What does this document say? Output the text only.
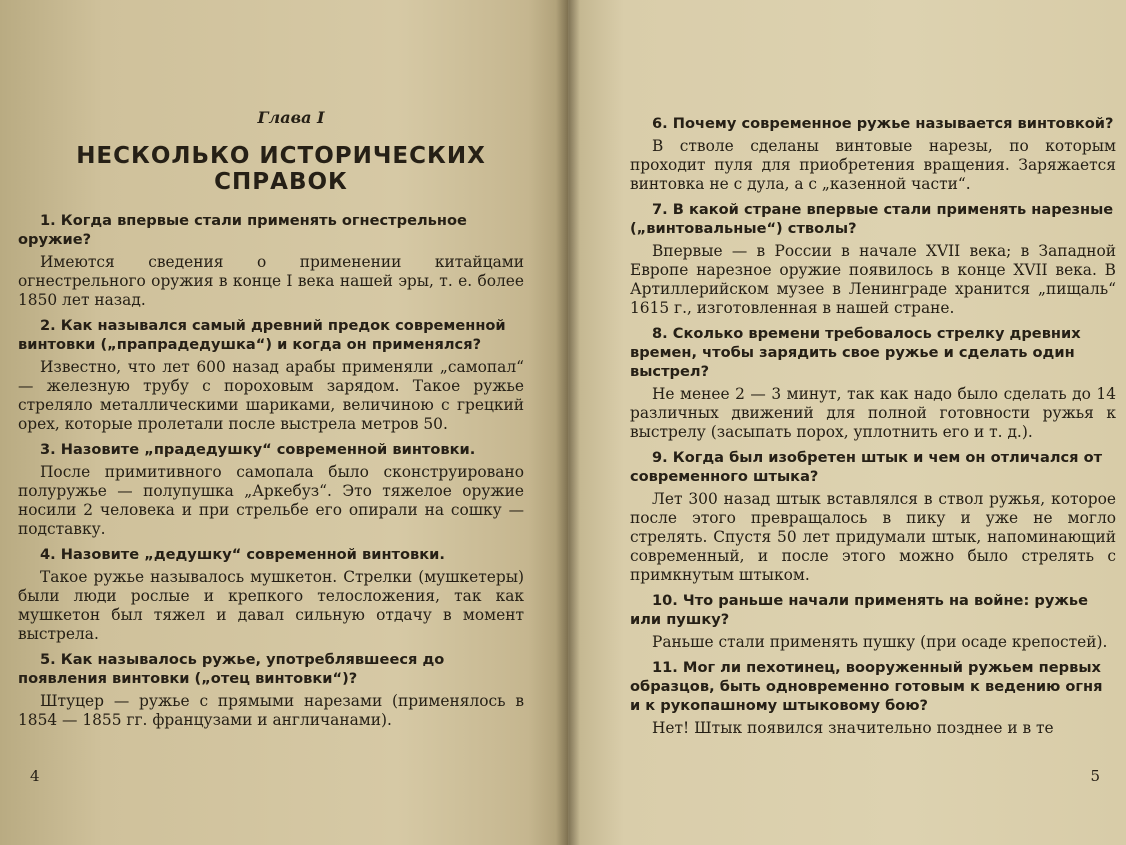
Глава I
НЕСКОЛЬКО ИСТОРИЧЕСКИХ СПРАВОК
1. Когда впервые стали применять огнестрельное оружие?
Имеются сведения о применении китайцами огнестрельного оружия в конце I века нашей эры, т. е. более 1850 лет назад.
2. Как назывался самый древний предок современной винтовки („прапрадедушка“) и когда он применялся?
Известно, что лет 600 назад арабы применяли „самопал“ — железную трубу с пороховым зарядом. Такое ружье стреляло металлическими шариками, величиною с грецкий орех, которые пролетали после выстрела метров 50.
3. Назовите „прадедушку“ современной винтовки.
После примитивного самопала было сконструировано полуружье — полупушка „Аркебуз“. Это тяжелое оружие носили 2 человека и при стрельбе его опирали на сошку — подставку.
4. Назовите „дедушку“ современной винтовки.
Такое ружье называлось мушкетон. Стрелки (мушкетеры) были люди рослые и крепкого телосложения, так как мушкетон был тяжел и давал сильную отдачу в момент выстрела.
5. Как называлось ружье, употреблявшееся до появления винтовки („отец винтовки“)?
Штуцер — ружье с прямыми нарезами (применялось в 1854 — 1855 гг. французами и англичанами).
4
6. Почему современное ружье называется винтовкой?
В стволе сделаны винтовые нарезы, по которым проходит пуля для приобретения вращения. Заряжается винтовка не с дула, а с „казенной части“.
7. В какой стране впервые стали применять нарезные („винтовальные“) стволы?
Впервые — в России в начале XVII века; в Западной Европе нарезное оружие появилось в конце XVII века. В Артиллерийском музее в Ленинграде хранится „пищаль“ 1615 г., изготовленная в нашей стране.
8. Сколько времени требовалось стрелку древних времен, чтобы зарядить свое ружье и сделать один выстрел?
Не менее 2 — 3 минут, так как надо было сделать до 14 различных движений для полной готовности ружья к выстрелу (засыпать порох, уплотнить его и т. д.).
9. Когда был изобретен штык и чем он отличался от современного штыка?
Лет 300 назад штык вставлялся в ствол ружья, которое после этого превращалось в пику и уже не могло стрелять. Спустя 50 лет придумали штык, напоминающий современный, и после этого можно было стрелять с примкнутым штыком.
10. Что раньше начали применять на войне: ружье или пушку?
Раньше стали применять пушку (при осаде крепостей).
11. Мог ли пехотинец, вооруженный ружьем первых образцов, быть одновременно готовым к ведению огня и к рукопашному штыковому бою?
Нет! Штык появился значительно позднее и в те
5
